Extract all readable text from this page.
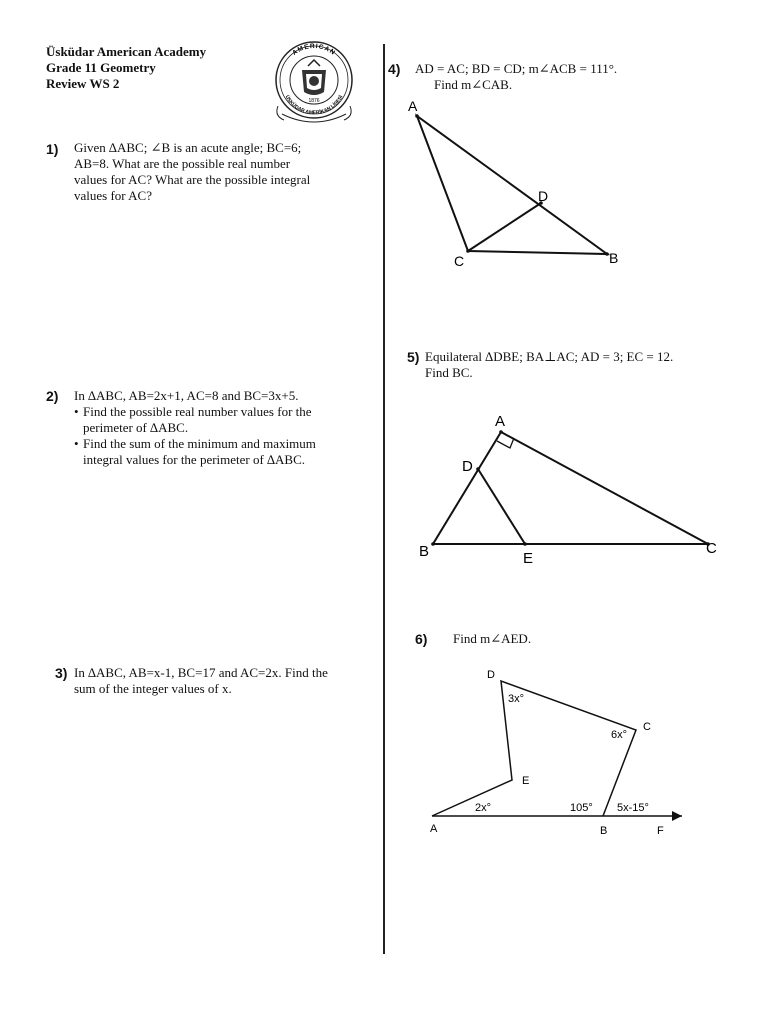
Üsküdar American Academy
Grade 11 Geometry
Review WS 2
AMERICAN
ÜSKÜDAR AMERİKAN LİSESİ
1876
1) Given ∆ABC; ∠B is an acute angle; BC=6;
AB=8. What are the possible real number
values for AC? What are the possible integral
values for AC?
2) In ∆ABC, AB=2x+1, AC=8 and BC=3x+5.
• Find the possible real number values for the
perimeter of ∆ABC.
• Find the sum of the minimum and maximum
integral values for the perimeter of ∆ABC.
3) In ∆ABC, AB=x-1, BC=17 and AC=2x. Find the
sum of the integer values of x.
4) AD = AC; BD = CD; m∠ACB = 111°.
Find m∠CAB.
A
D
C	B
5) Equilateral ∆DBE; BA⊥AC; AD = 3; EC = 12.
Find BC.
A
D
B	E
C
6) Find m∠AED.
D
C
E
A	B	F
3x°
6x°
2x°	105° 5x-15°
